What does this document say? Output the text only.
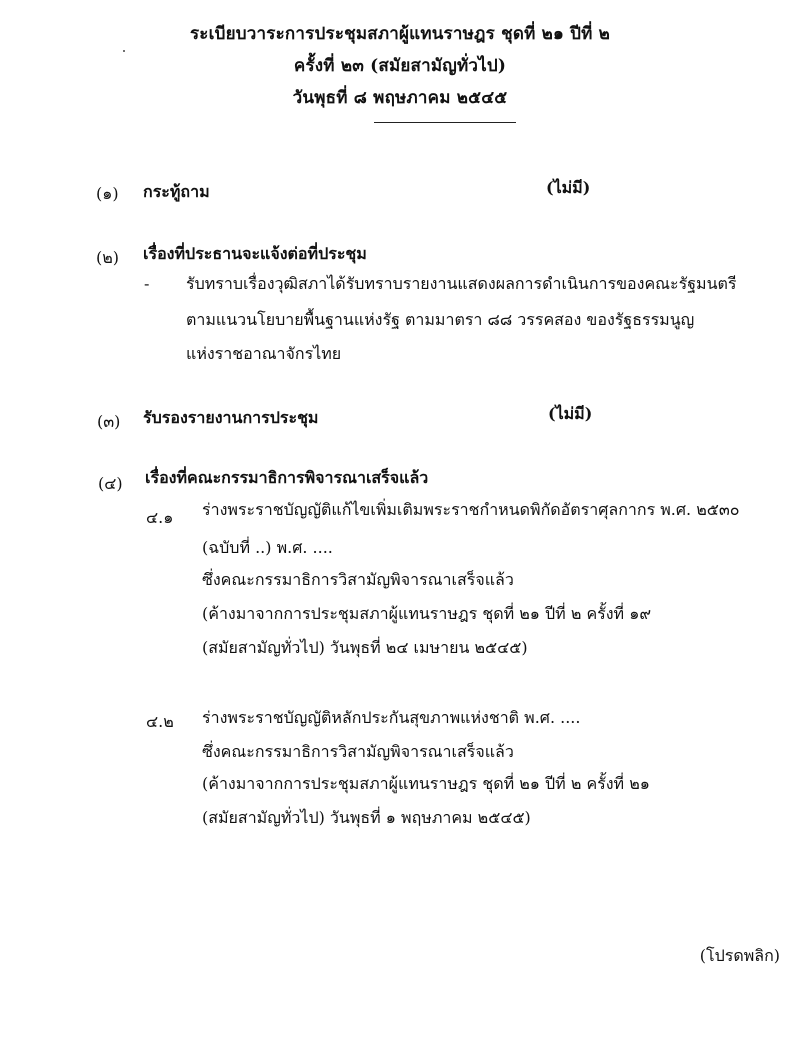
ระเบียบวาระการประชุมสภาผู้แทนราษฎร ชุดที่ ๒๑ ปีที่ ๒
ครั้งที่ ๒๓ (สมัยสามัญทั่วไป)
วันพุธที่ ๘ พฤษภาคม ๒๕๔๕
(๑) กระทู้ถาม	(ไม่มี)
(๒) เรื่องที่ประธานจะแจ้งต่อที่ประชุม
- รับทราบเรื่องวุฒิสภาได้รับทราบรายงานแสดงผลการดำเนินการของคณะรัฐมนตรี
ตามแนวนโยบายพื้นฐานแห่งรัฐ ตามมาตรา ๘๘ วรรคสอง ของรัฐธรรมนูญ
แห่งราชอาณาจักรไทย
(๓) รับรองรายงานการประชุม	(ไม่มี)
(๔) เรื่องที่คณะกรรมาธิการพิจารณาเสร็จแล้ว
๔.๑ ร่างพระราชบัญญัติแก้ไขเพิ่มเติมพระราชกำหนดพิกัดอัตราศุลกากร พ.ศ. ๒๕๓๐
(ฉบับที่ ..) พ.ศ. ....
ซึ่งคณะกรรมาธิการวิสามัญพิจารณาเสร็จแล้ว
(ค้างมาจากการประชุมสภาผู้แทนราษฎร ชุดที่ ๒๑ ปีที่ ๒ ครั้งที่ ๑๙
(สมัยสามัญทั่วไป) วันพุธที่ ๒๔ เมษายน ๒๕๔๕)
๔.๒ ร่างพระราชบัญญัติหลักประกันสุขภาพแห่งชาติ พ.ศ. ....
ซึ่งคณะกรรมาธิการวิสามัญพิจารณาเสร็จแล้ว
(ค้างมาจากการประชุมสภาผู้แทนราษฎร ชุดที่ ๒๑ ปีที่ ๒ ครั้งที่ ๒๑
(สมัยสามัญทั่วไป) วันพุธที่ ๑ พฤษภาคม ๒๕๔๕)
(โปรดพลิก)
